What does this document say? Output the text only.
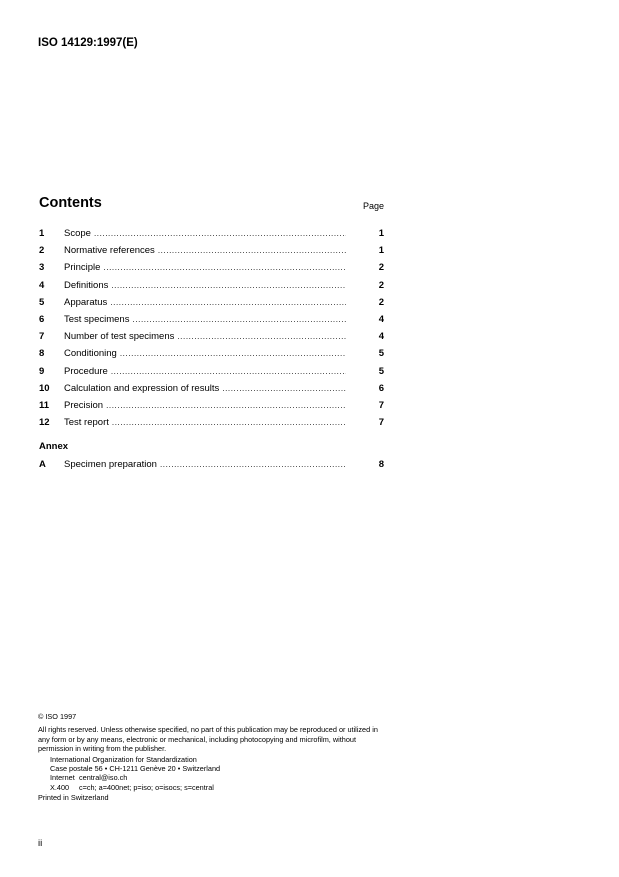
ISO 14129:1997(E)
Contents	Page
1	Scope .....	1
2	Normative references .....	1
3	Principle .....	2
4	Definitions .....	2
5	Apparatus .....	2
6	Test specimens .....	4
7	Number of test specimens .....	4
8	Conditioning .....	5
9	Procedure .....	5
10	Calculation and expression of results .....	6
11	Precision .....	7
12	Test report .....	7
Annex
A	Specimen preparation .....	8

© ISO 1997

All rights reserved. Unless otherwise specified, no part of this publication may be reproduced or utilized in any form or by any means, electronic or mechanical, including photocopying and microfilm, without permission in writing from the publisher.

International Organization for Standardization

Case postale 56 • CH-1211 Genève 20 • Switzerland

Internet central@iso.ch
X.400	c=ch; a=400net; p=iso; o=isocs; s=central

Printed in Switzerland

ii
